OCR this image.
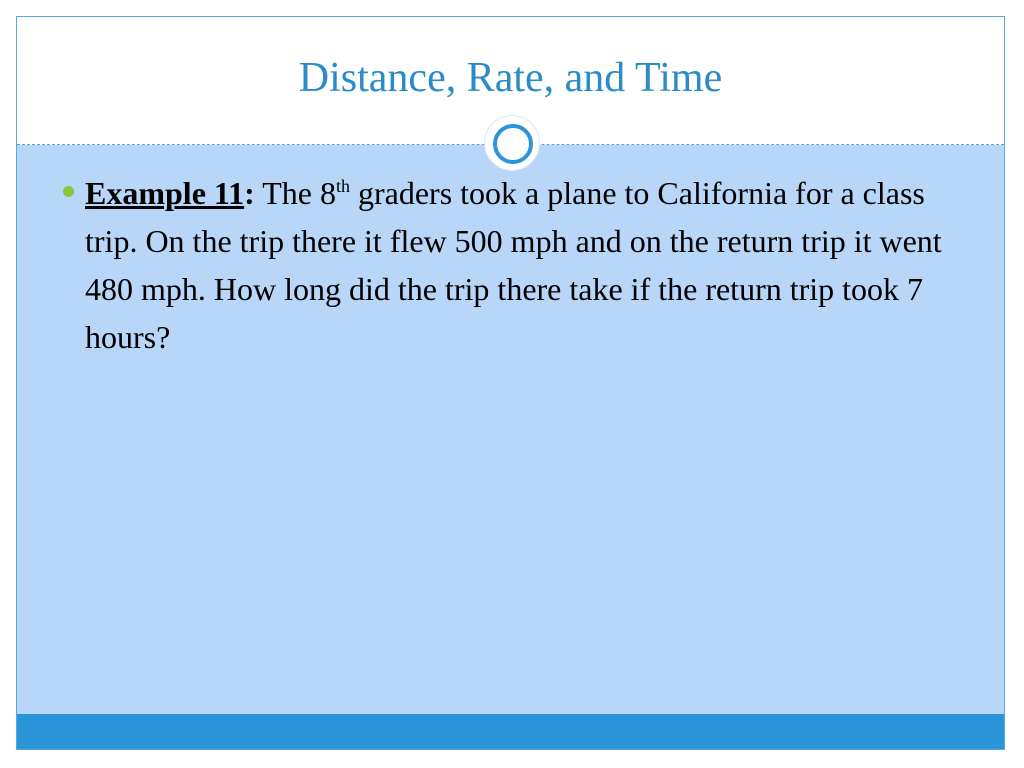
Distance, Rate, and Time
Example 11: The 8th graders took a plane to California for a class trip. On the trip there it flew 500 mph and on the return trip it went 480 mph. How long did the trip there take if the return trip took 7 hours?
